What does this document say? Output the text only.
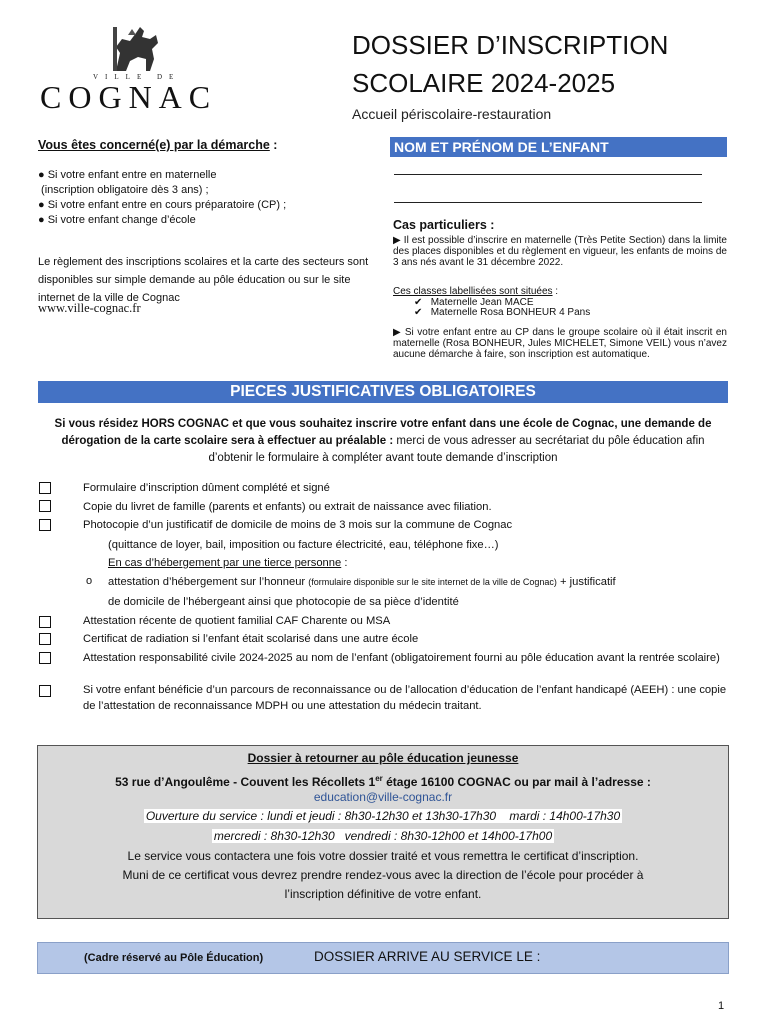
VILLE DE
COGNAC
DOSSIER D’INSCRIPTION
SCOLAIRE 2024-2025
Accueil périscolaire-restauration
Vous êtes concerné(e) par la démarche :
● Si votre enfant entre en maternelle
(inscription obligatoire dès 3 ans) ;
● Si votre enfant entre en cours préparatoire (CP) ;
● Si votre enfant change d’école
Le règlement des inscriptions scolaires et la carte des secteurs sont disponibles sur simple demande au pôle éducation ou sur le site internet de la ville de Cognac
www.ville-cognac.fr
NOM ET PRÉNOM DE L’ENFANT
Cas particuliers :
▶ Il est possible d’inscrire en maternelle (Très Petite Section) dans la limite des places disponibles et du règlement en vigueur, les enfants de moins de 3 ans nés avant le 31 décembre 2022.
Ces classes labellisées sont situées :
✔   Maternelle Jean MACE
✔   Maternelle Rosa BONHEUR 4 Pans
▶ Si votre enfant entre au CP dans le groupe scolaire où il était inscrit en maternelle (Rosa BONHEUR, Jules MICHELET, Simone VEIL) vous n’avez aucune démarche à faire, son inscription est automatique.
PIECES JUSTIFICATIVES OBLIGATOIRES
Si vous résidez HORS COGNAC et que vous souhaitez inscrire votre enfant dans une école de Cognac, une demande de dérogation de la carte scolaire sera à effectuer au préalable : merci de vous adresser au secrétariat du pôle éducation afin d’obtenir le formulaire à compléter avant toute demande d’inscription
Formulaire d’inscription dûment complété et signé
Copie du livret de famille (parents et enfants) ou extrait de naissance avec filiation.
Photocopie d’un justificatif de domicile de moins de 3 mois sur la commune de Cognac
(quittance de loyer, bail, imposition ou facture électricité, eau, téléphone fixe…)
En cas d’hébergement par une tierce personne :
o attestation d’hébergement sur l’honneur (formulaire disponible sur le site internet de la ville de Cognac) + justificatif
de domicile de l’hébergeant ainsi que photocopie de sa pièce d’identité
Attestation récente de quotient familial CAF Charente ou MSA
Certificat de radiation si l’enfant était scolarisé dans une autre école
Attestation responsabilité civile 2024-2025 au nom de l’enfant (obligatoirement fourni au pôle éducation avant la rentrée scolaire)
Si votre enfant bénéficie d’un parcours de reconnaissance ou de l’allocation d’éducation de l’enfant handicapé (AEEH) : une copie de l’attestation de reconnaissance MDPH ou une attestation du médecin traitant.
Dossier à retourner au pôle éducation jeunesse
53 rue d’Angoulême - Couvent les Récollets 1er étage 16100 COGNAC ou par mail à l’adresse :
education@ville-cognac.fr
Ouverture du service : lundi et jeudi : 8h30-12h30 et 13h30-17h30    mardi : 14h00-17h30
mercredi : 8h30-12h30   vendredi : 8h30-12h00 et 14h00-17h00
Le service vous contactera une fois votre dossier traité et vous remettra le certificat d’inscription.
Muni de ce certificat vous devrez prendre rendez-vous avec la direction de l’école pour procéder à
l’inscription définitive de votre enfant.
(Cadre réservé au Pôle Éducation)	DOSSIER ARRIVE AU SERVICE LE :
1
